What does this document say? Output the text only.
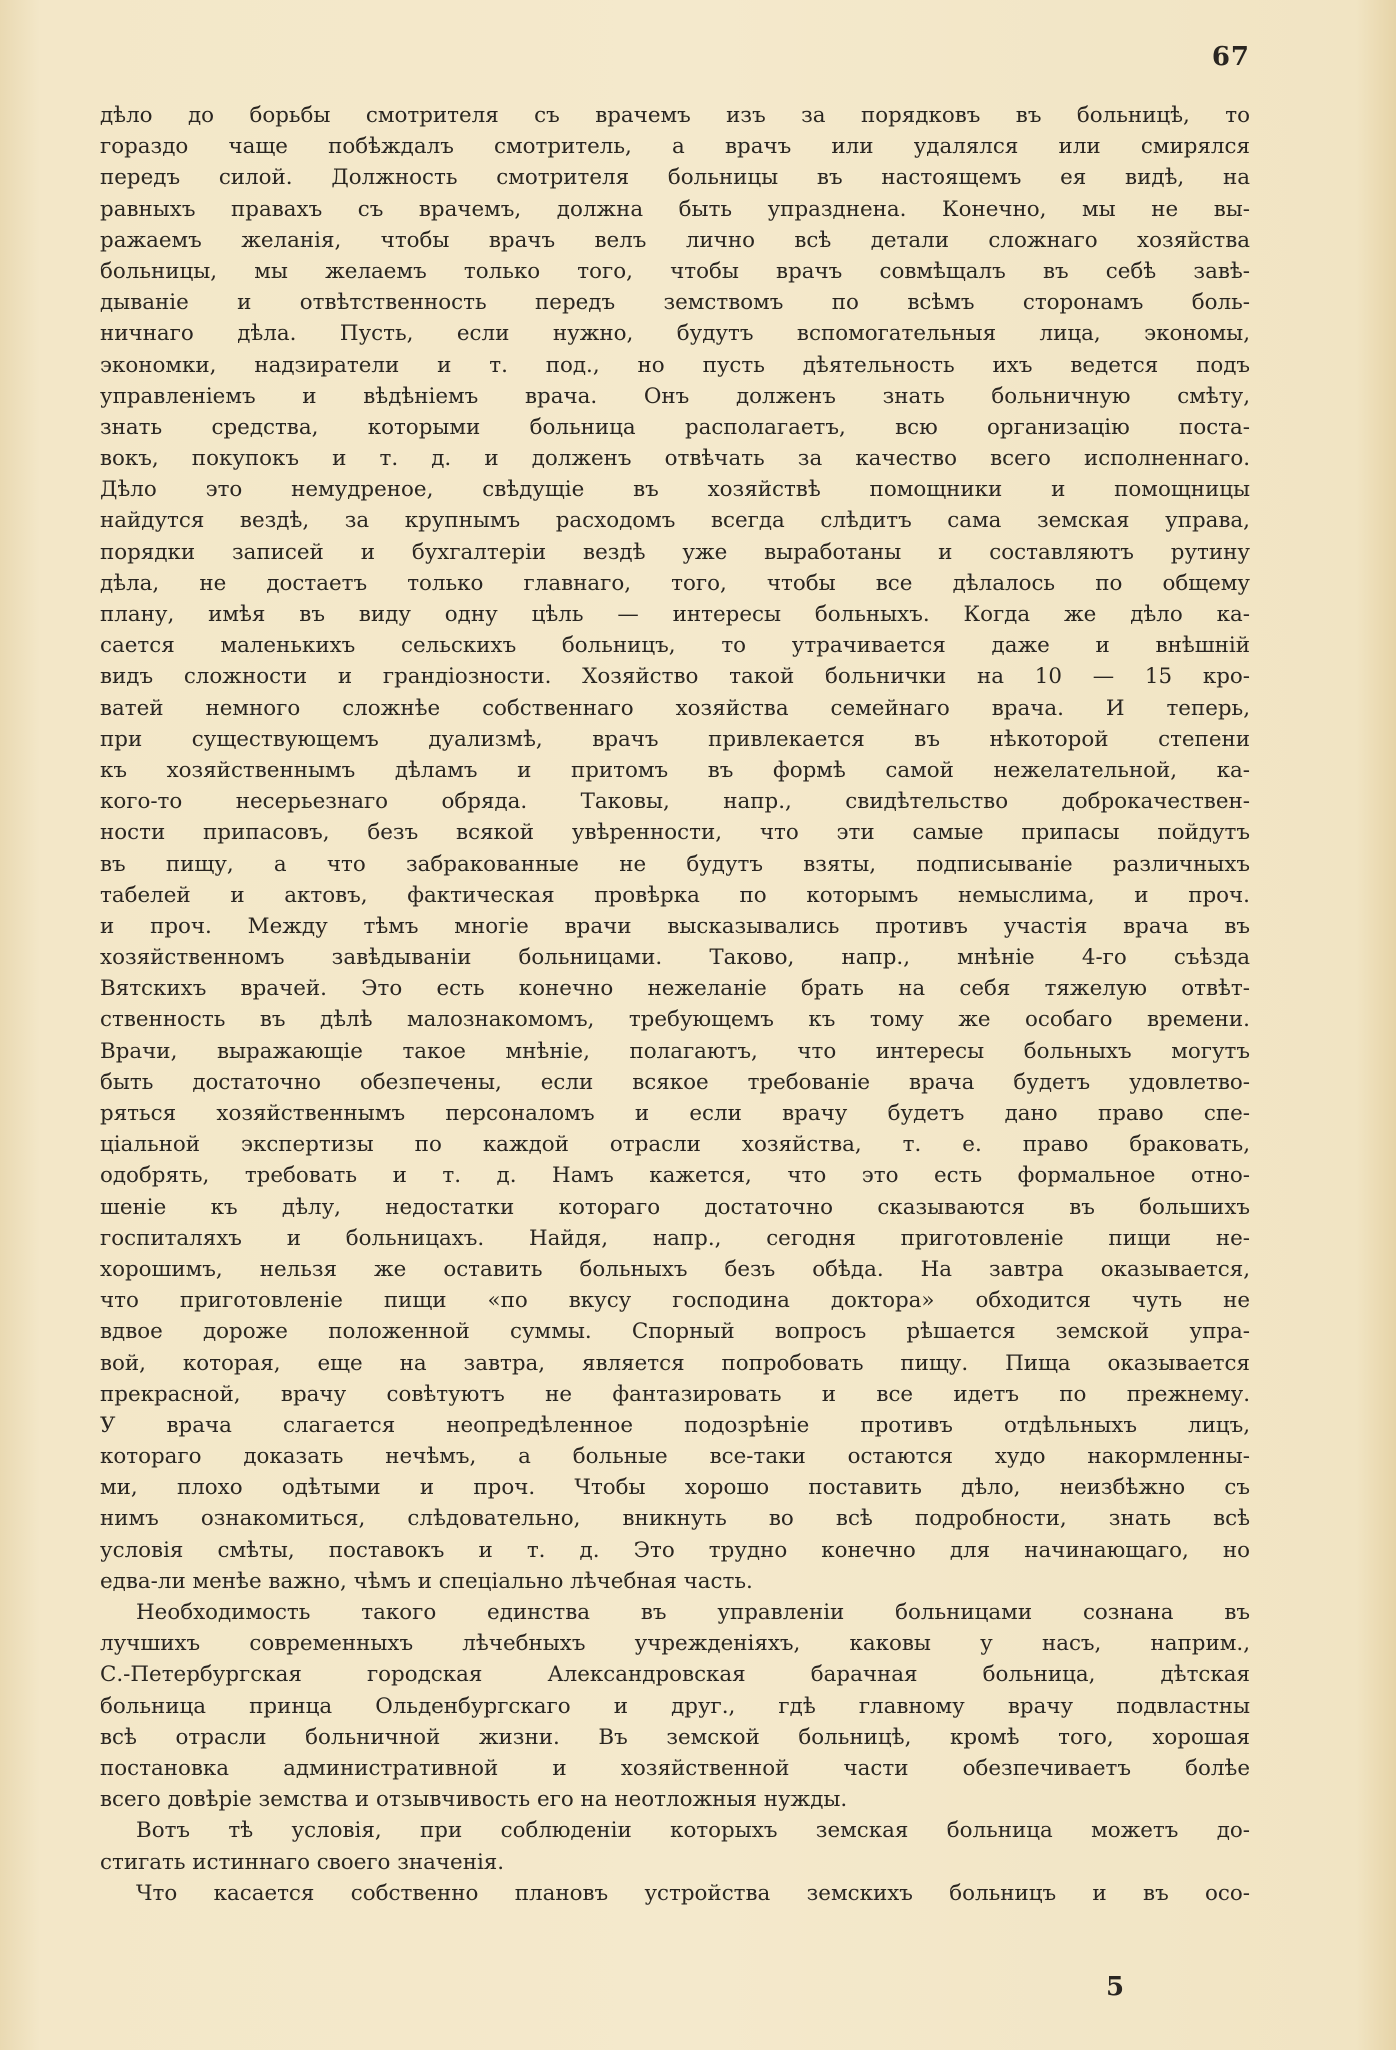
67
дѣло до борьбы смотрителя съ врачемъ изъ за порядковъ въ больницѣ, то
гораздо чаще побѣждалъ смотритель, а врачъ или удалялся или смирялся
передъ силой. Должность смотрителя больницы въ настоящемъ ея видѣ, на
равныхъ правахъ съ врачемъ, должна быть упразднена. Конечно, мы не вы-
ражаемъ желанія, чтобы врачъ велъ лично всѣ детали сложнаго хозяйства
больницы, мы желаемъ только того, чтобы врачъ совмѣщалъ въ себѣ завѣ-
дываніе и отвѣтственность передъ земствомъ по всѣмъ сторонамъ боль-
ничнаго дѣла. Пусть, если нужно, будутъ вспомогательныя лица, экономы,
экономки, надзиратели и т. под., но пусть дѣятельность ихъ ведется подъ
управленіемъ и вѣдѣніемъ врача. Онъ долженъ знать больничную смѣту,
знать средства, которыми больница располагаетъ, всю организацію поста-
вокъ, покупокъ и т. д. и долженъ отвѣчать за качество всего исполненнаго.
Дѣло это немудреное, свѣдущіе въ хозяйствѣ помощники и помощницы
найдутся вездѣ, за крупнымъ расходомъ всегда слѣдитъ сама земская управа,
порядки записей и бухгалтеріи вездѣ уже выработаны и составляютъ рутину
дѣла, не достаетъ только главнаго, того, чтобы все дѣлалось по общему
плану, имѣя въ виду одну цѣль — интересы больныхъ. Когда же дѣло ка-
сается маленькихъ сельскихъ больницъ, то утрачивается даже и внѣшній
видъ сложности и грандіозности. Хозяйство такой больнички на 10 — 15 кро-
ватей немного сложнѣе собственнаго хозяйства семейнаго врача. И теперь,
при существующемъ дуализмѣ, врачъ привлекается въ нѣкоторой степени
къ хозяйственнымъ дѣламъ и притомъ въ формѣ самой нежелательной, ка-
кого-то несерьезнаго обряда. Таковы, напр., свидѣтельство доброкачествен-
ности припасовъ, безъ всякой увѣренности, что эти самые припасы пойдутъ
въ пищу, а что забракованные не будутъ взяты, подписываніе различныхъ
табелей и актовъ, фактическая провѣрка по которымъ немыслима, и проч.
и проч. Между тѣмъ многіе врачи высказывались противъ участія врача въ
хозяйственномъ завѣдываніи больницами. Таково, напр., мнѣніе 4-го съѣзда
Вятскихъ врачей. Это есть конечно нежеланіе брать на себя тяжелую отвѣт-
ственность въ дѣлѣ малознакомомъ, требующемъ къ тому же особаго времени.
Врачи, выражающіе такое мнѣніе, полагаютъ, что интересы больныхъ могутъ
быть достаточно обезпечены, если всякое требованіе врача будетъ удовлетво-
ряться хозяйственнымъ персоналомъ и если врачу будетъ дано право спе-
ціальной экспертизы по каждой отрасли хозяйства, т. е. право браковать,
одобрять, требовать и т. д. Намъ кажется, что это есть формальное отно-
шеніе къ дѣлу, недостатки котораго достаточно сказываются въ большихъ
госпиталяхъ и больницахъ. Найдя, напр., сегодня приготовленіе пищи не-
хорошимъ, нельзя же оставить больныхъ безъ обѣда. На завтра оказывается,
что приготовленіе пищи «по вкусу господина доктора» обходится чуть не
вдвое дороже положенной суммы. Спорный вопросъ рѣшается земской упра-
вой, которая, еще на завтра, является попробовать пищу. Пища оказывается
прекрасной, врачу совѣтуютъ не фантазировать и все идетъ по прежнему.
У врача слагается неопредѣленное подозрѣніе противъ отдѣльныхъ лицъ,
котораго доказать нечѣмъ, а больные все-таки остаются худо накормленны-
ми, плохо одѣтыми и проч. Чтобы хорошо поставить дѣло, неизбѣжно съ
нимъ ознакомиться, слѣдовательно, вникнуть во всѣ подробности, знать всѣ
условія смѣты, поставокъ и т. д. Это трудно конечно для начинающаго, но
едва-ли менѣе важно, чѣмъ и спеціально лѣчебная часть.
Необходимость такого единства въ управленіи больницами сознана въ
лучшихъ современныхъ лѣчебныхъ учрежденіяхъ, каковы у насъ, наприм.,
С.-Петербургская городская Александровская барачная больница, дѣтская
больница принца Ольденбургскаго и друг., гдѣ главному врачу подвластны
всѣ отрасли больничной жизни. Въ земской больницѣ, кромѣ того, хорошая
постановка административной и хозяйственной части обезпечиваетъ болѣе
всего довѣріе земства и отзывчивость его на неотложныя нужды.
Вотъ тѣ условія, при соблюденіи которыхъ земская больница можетъ до-
стигать истиннаго своего значенія.
Что касается собственно плановъ устройства земскихъ больницъ и въ осо-
5
